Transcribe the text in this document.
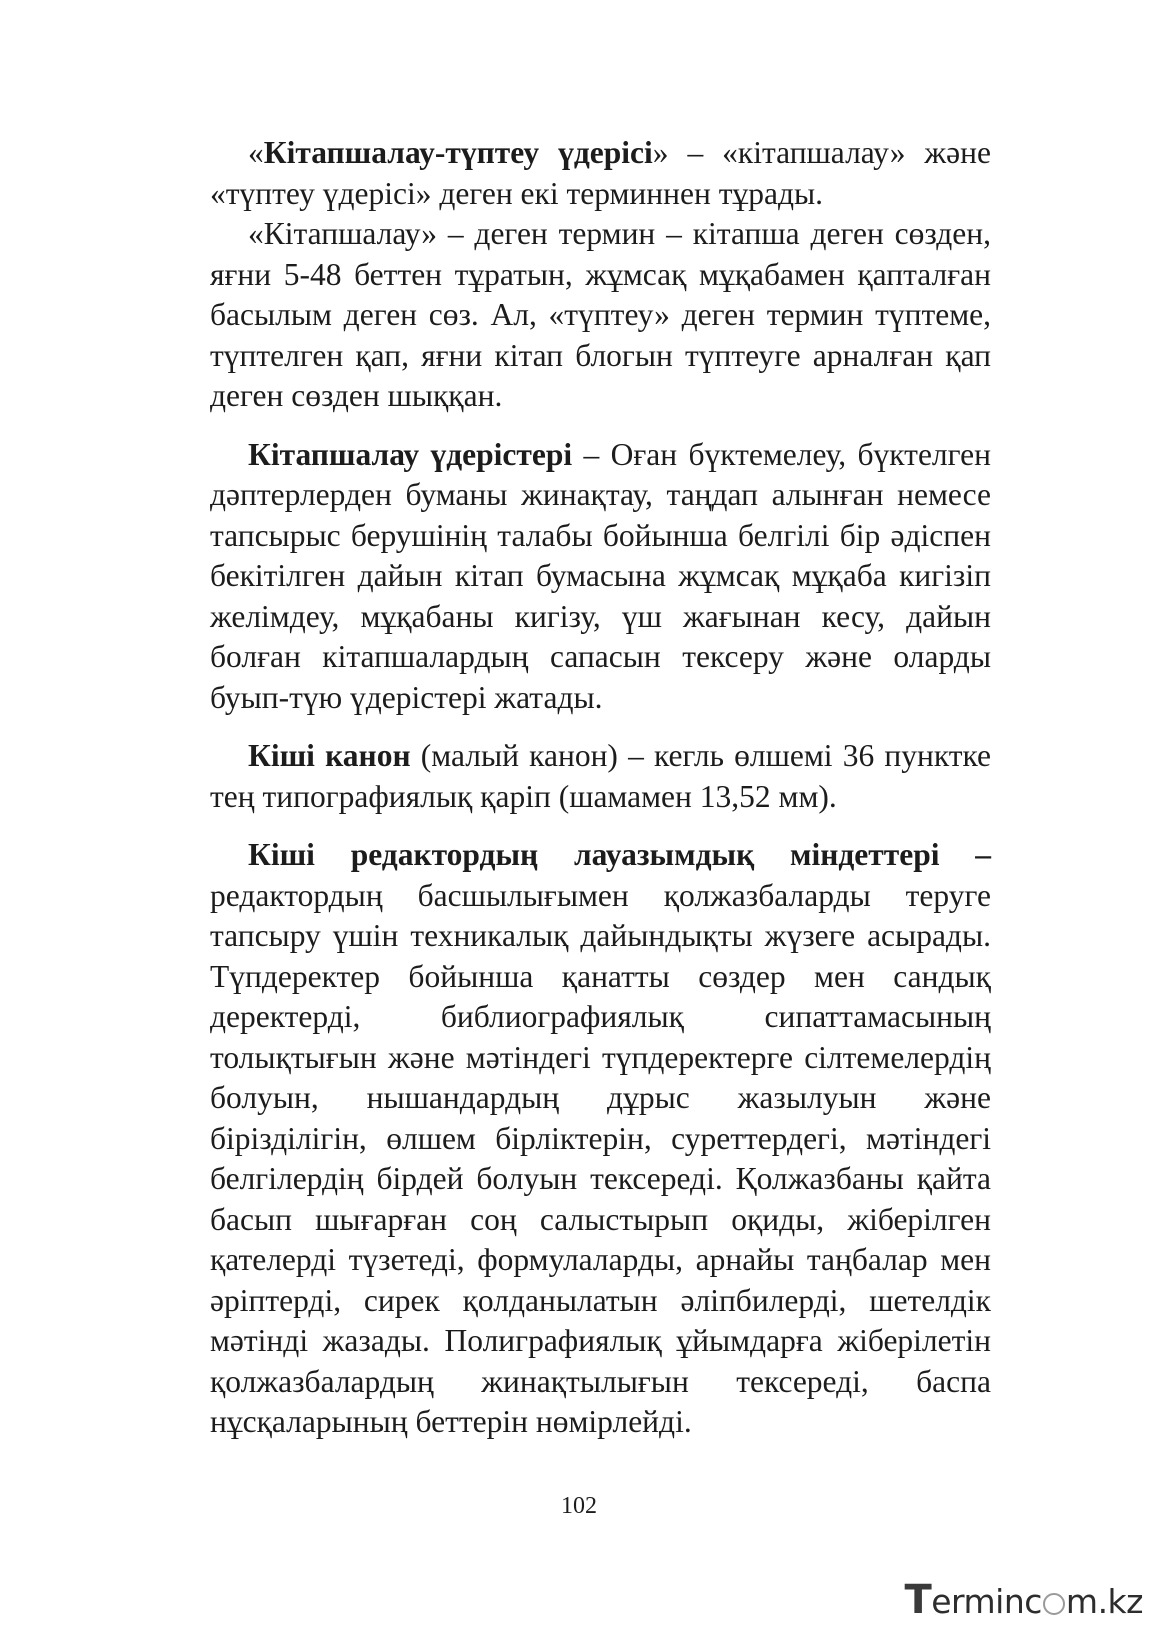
«Кітапшалау-түптеу үдерісі» – «кітапшалау» және «түптеу үдерісі» деген екі терминнен тұрады.

«Кітапшалау» – деген термин – кітапша деген сөзден, яғни 5-48 беттен тұратын, жұмсақ мұқабамен қапталған басылым деген сөз. Ал, «түптеу» деген термин түптеме, түптелген қап, яғни кітап блогын түптеуге арналған қап деген сөзден шыққан.

Кітапшалау үдерістері – Оған бүктемелеу, бүктелген дәптерлерден буманы жинақтау, таңдап алынған немесе тапсырыс берушінің талабы бойынша белгілі бір әдіспен бекітілген дайын кітап бумасына жұмсақ мұқаба кигізіп желімдеу, мұқабаны кигізу, үш жағынан кесу, дайын болған кітапшалардың сапасын тексеру және оларды буып-түю үдерістері жатады.

Кіші канон (малый канон) – кегль өлшемі 36 пунктке тең типографиялық қаріп (шамамен 13,52 мм).

Кіші редактордың лауазымдық міндеттері – редактордың басшылығымен қолжазбаларды теруге тапсыру үшін техникалық дайындықты жүзеге асырады. Түпдеректер бойынша қанатты сөздер мен сандық деректерді, библиографиялық сипаттамасының толықтығын және мәтіндегі түпдеректерге сілтемелердің болуын, нышандардың дұрыс жазылуын және біріздiлiгін, өлшем бірліктерін, суреттердегі, мәтіндегі белгілердің бірдей болуын тексереді. Қолжазбаны қайта басып шығарған соң салыстырып оқиды, жіберілген қателерді түзетеді, формулаларды, арнайы таңбалар мен әріптерді, сирек қолданылатын әліпбилерді, шетелдік мәтінді жазады. Полиграфиялық ұйымдарға жіберілетін қолжазбалардың жинақтылығын тексереді, баспа нұсқаларының беттерін нөмірлейді.

102
T erminc m.kz
